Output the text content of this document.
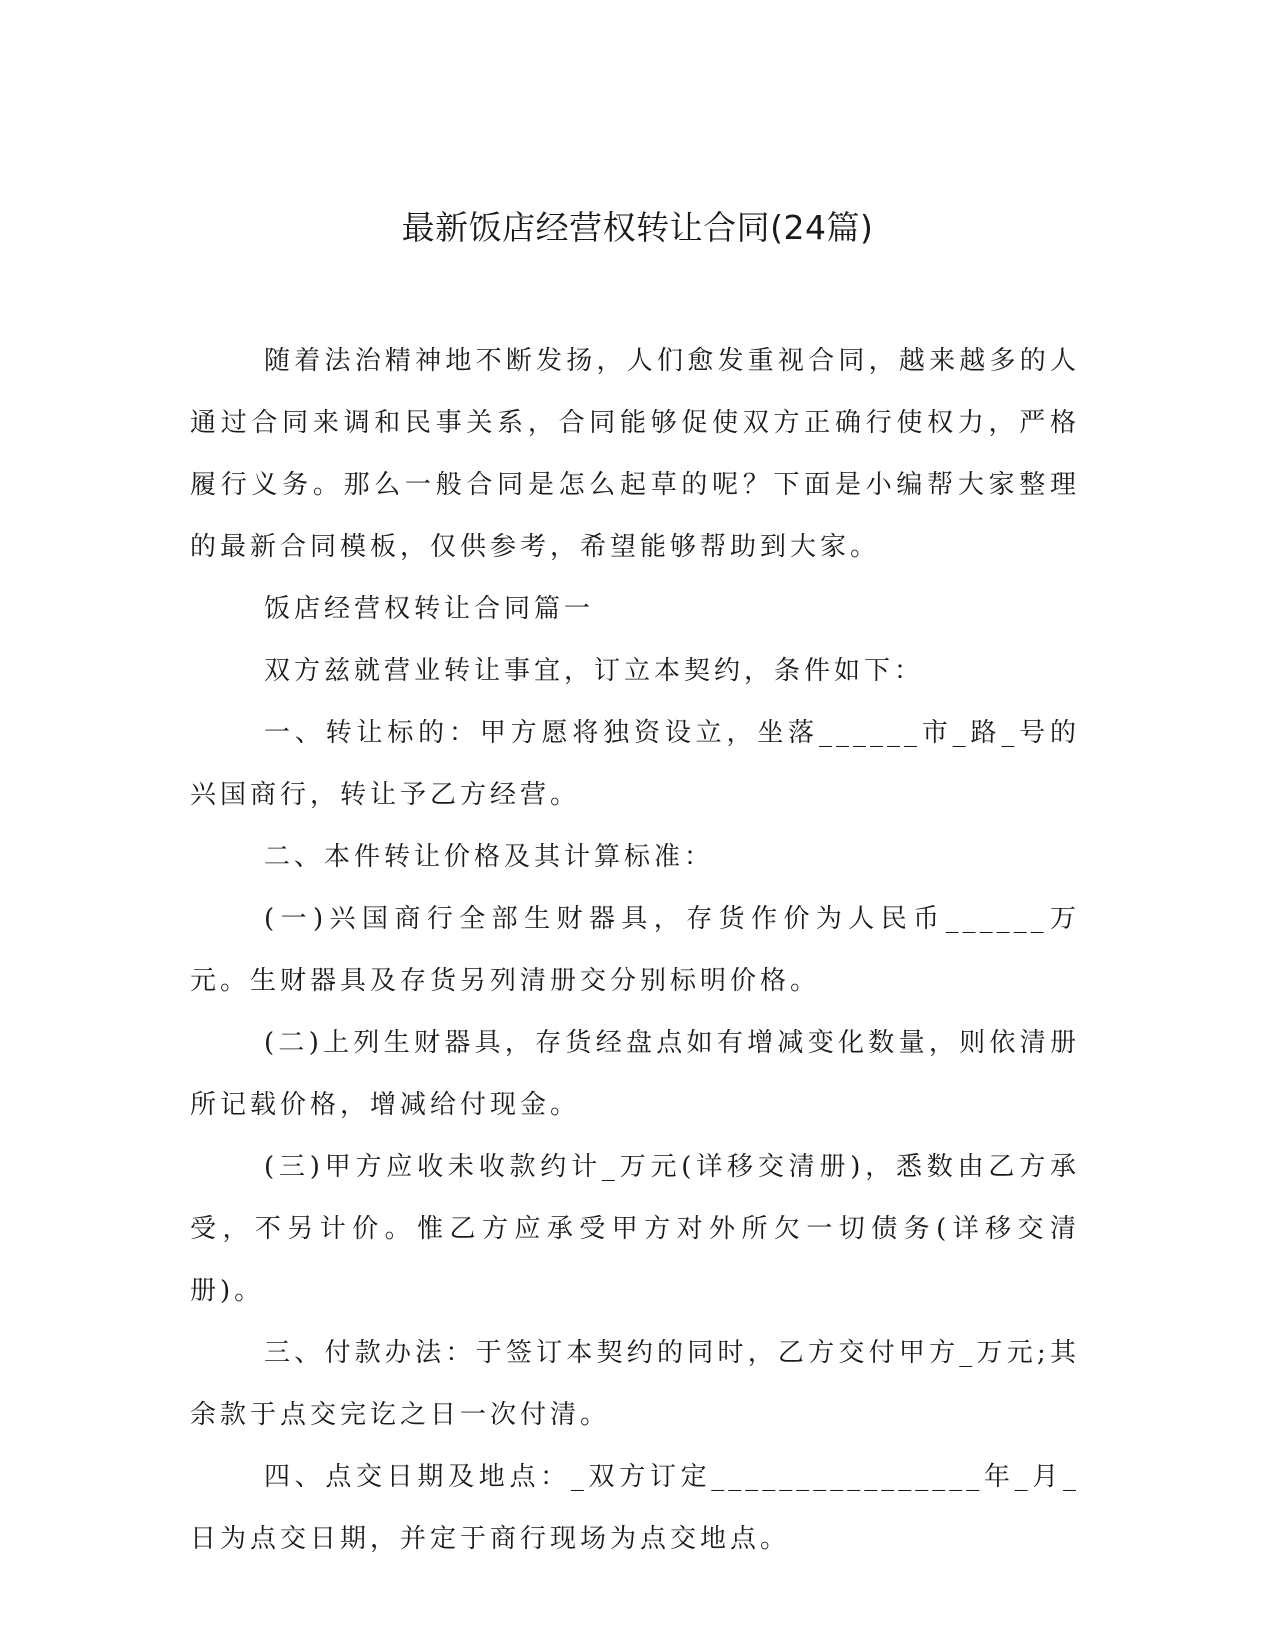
最新饭店经营权转让合同(24篇)

随着法治精神地不断发扬，人们愈发重视合同，越来越多的人通过合同来调和民事关系，合同能够促使双方正确行使权力，严格履行义务。那么一般合同是怎么起草的呢？下面是小编帮大家整理的最新合同模板，仅供参考，希望能够帮助到大家。

饭店经营权转让合同篇一

双方兹就营业转让事宜，订立本契约，条件如下：

一、转让标的：甲方愿将独资设立，坐落______市_路_号的兴国商行，转让予乙方经营。

二、本件转让价格及其计算标准：

(一)兴国商行全部生财器具，存货作价为人民币______万元。生财器具及存货另列清册交分别标明价格。

(二)上列生财器具，存货经盘点如有增减变化数量，则依清册所记载价格，增减给付现金。

(三)甲方应收未收款约计_万元(详移交清册)，悉数由乙方承受，不另计价。惟乙方应承受甲方对外所欠一切债务(详移交清册)。

三、付款办法：于签订本契约的同时，乙方交付甲方_万元;其余款于点交完讫之日一次付清。

四、点交日期及地点：_双方订定________________年_月_日为点交日期，并定于商行现场为点交地点。
